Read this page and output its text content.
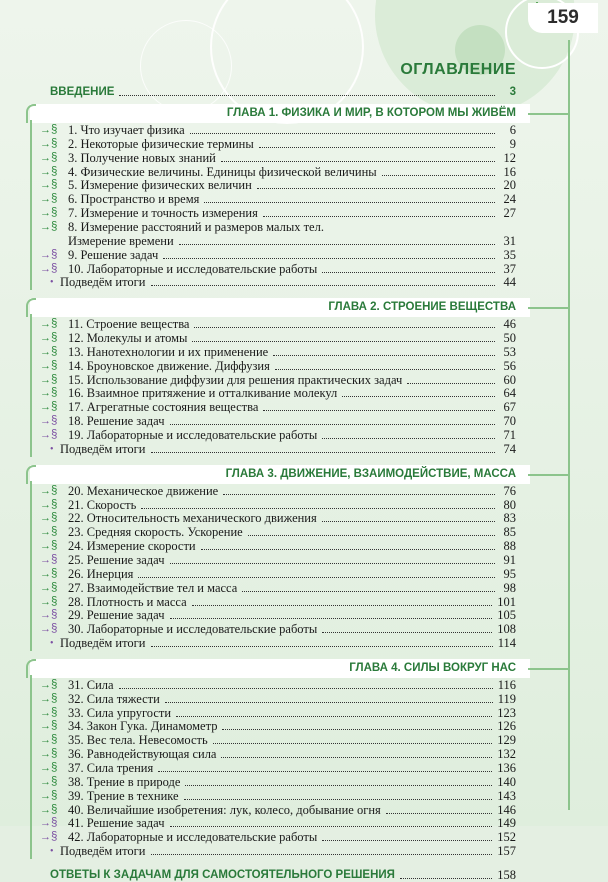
159
ОГЛАВЛЕНИЕ
ВВЕДЕНИЕ	3
ГЛАВА 1. ФИЗИКА И МИР, В КОТОРОМ МЫ ЖИВЁМ
→§ 1. Что изучает физика	6
→§ 2. Некоторые физические термины	9
→§ 3. Получение новых знаний	12
→§ 4. Физические величины. Единицы физической величины	16
→§ 5. Измерение физических величин	20
→§ 6. Пространство и время	24
→§ 7. Измерение и точность измерения	27
→§ 8. Измерение расстояний и размеров малых тел.
Измерение времени	31
→§ 9. Решение задач	35
→§ 10. Лабораторные и исследовательские работы	37
• Подведём итоги	44
ГЛАВА 2. СТРОЕНИЕ ВЕЩЕСТВА
→§ 11. Строение вещества	46
→§ 12. Молекулы и атомы	50
→§ 13. Нанотехнологии и их применение	53
→§ 14. Броуновское движение. Диффузия	56
→§ 15. Использование диффузии для решения практических задач	60
→§ 16. Взаимное притяжение и отталкивание молекул	64
→§ 17. Агрегатные состояния вещества	67
→§ 18. Решение задач	70
→§ 19. Лабораторные и исследовательские работы	71
• Подведём итоги	74
ГЛАВА 3. ДВИЖЕНИЕ, ВЗАИМОДЕЙСТВИЕ, МАССА
→§ 20. Механическое движение	76
→§ 21. Скорость	80
→§ 22. Относительность механического движения	83
→§ 23. Средняя скорость. Ускорение	85
→§ 24. Измерение скорости	88
→§ 25. Решение задач	91
→§ 26. Инерция	95
→§ 27. Взаимодействие тел и масса	98
→§ 28. Плотность и масса	101
→§ 29. Решение задач	105
→§ 30. Лабораторные и исследовательские работы	108
• Подведём итоги	114
ГЛАВА 4. СИЛЫ ВОКРУГ НАС
→§ 31. Сила	116
→§ 32. Сила тяжести	119
→§ 33. Сила упругости	123
→§ 34. Закон Гука. Динамометр	126
→§ 35. Вес тела. Невесомость	129
→§ 36. Равнодействующая сила	132
→§ 37. Сила трения	136
→§ 38. Трение в природе	140
→§ 39. Трение в технике	143
→§ 40. Величайшие изобретения: лук, колесо, добывание огня	146
→§ 41. Решение задач	149
→§ 42. Лабораторные и исследовательские работы	152
• Подведём итоги	157
ОТВЕТЫ К ЗАДАЧАМ ДЛЯ САМОСТОЯТЕЛЬНОГО РЕШЕНИЯ	158
